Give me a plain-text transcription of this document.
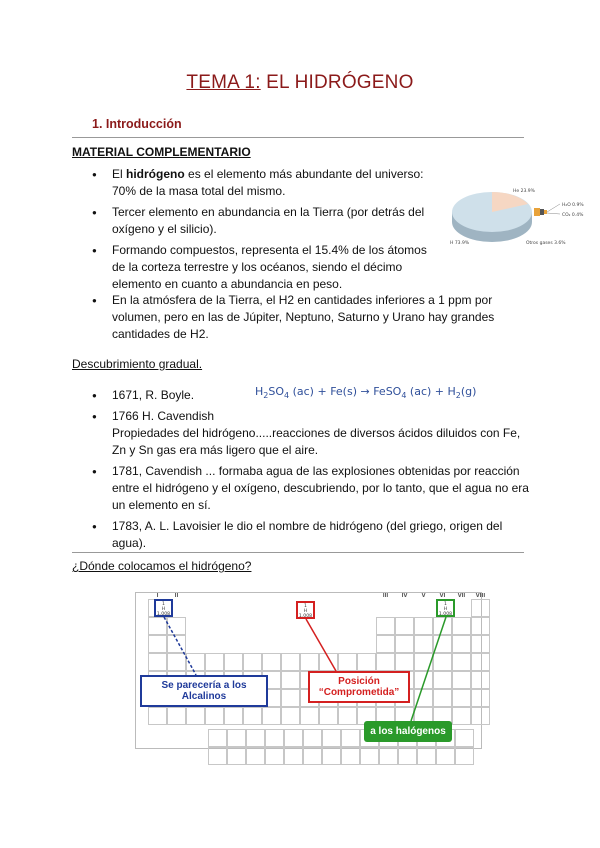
TEMA 1: EL HIDRÓGENO
1. Introducción
MATERIAL COMPLEMENTARIO
● El hidrógeno es el elemento más abundante del universo: 70% de la masa total del mismo.
● Tercer elemento en abundancia en la Tierra (por detrás del oxígeno y el silicio).
● Formando compuestos, representa el 15.4% de los átomos de la corteza terrestre y los océanos, siendo el décimo elemento en cuanto a abundancia en peso.
● En la atmósfera de la Tierra, el H2 en cantidades inferiores a 1 ppm por volumen, pero en las de Júpiter, Neptuno, Saturno y Urano hay grandes cantidades de H2.
He 23.9%
H 73.9%	Otros gases 3.6%
H₂O 0.9%
CO₂ 0.4%
Descubrimiento gradual.
$H_2SO_4$ (ac) + Fe(s) → FeSO$_4$ $(ac) + H_2(g)$
● 1671, R. Boyle.
● 1766 H. Cavendish
Propiedades del hidrógeno.....reacciones de diversos ácidos diluidos con Fe, Zn y Sn gas era más ligero que el aire.
● 1781, Cavendish ... formaba agua de las explosiones obtenidas por reacción entre el hidrógeno y el oxígeno, descubriendo, por lo tanto, que el agua no era un elemento en sí.
● 1783, A. L. Lavoisier le dio el nombre de hidrógeno (del griego, origen del agua).
¿Dónde colocamos el hidrógeno?
I	II	III	IV	V	VI	VII	VIII
1
H
1.008
1
H
1.008
1
H
1.008
Se parecería a los
Alcalinos
Posición
“Comprometida”
a los halógenos
